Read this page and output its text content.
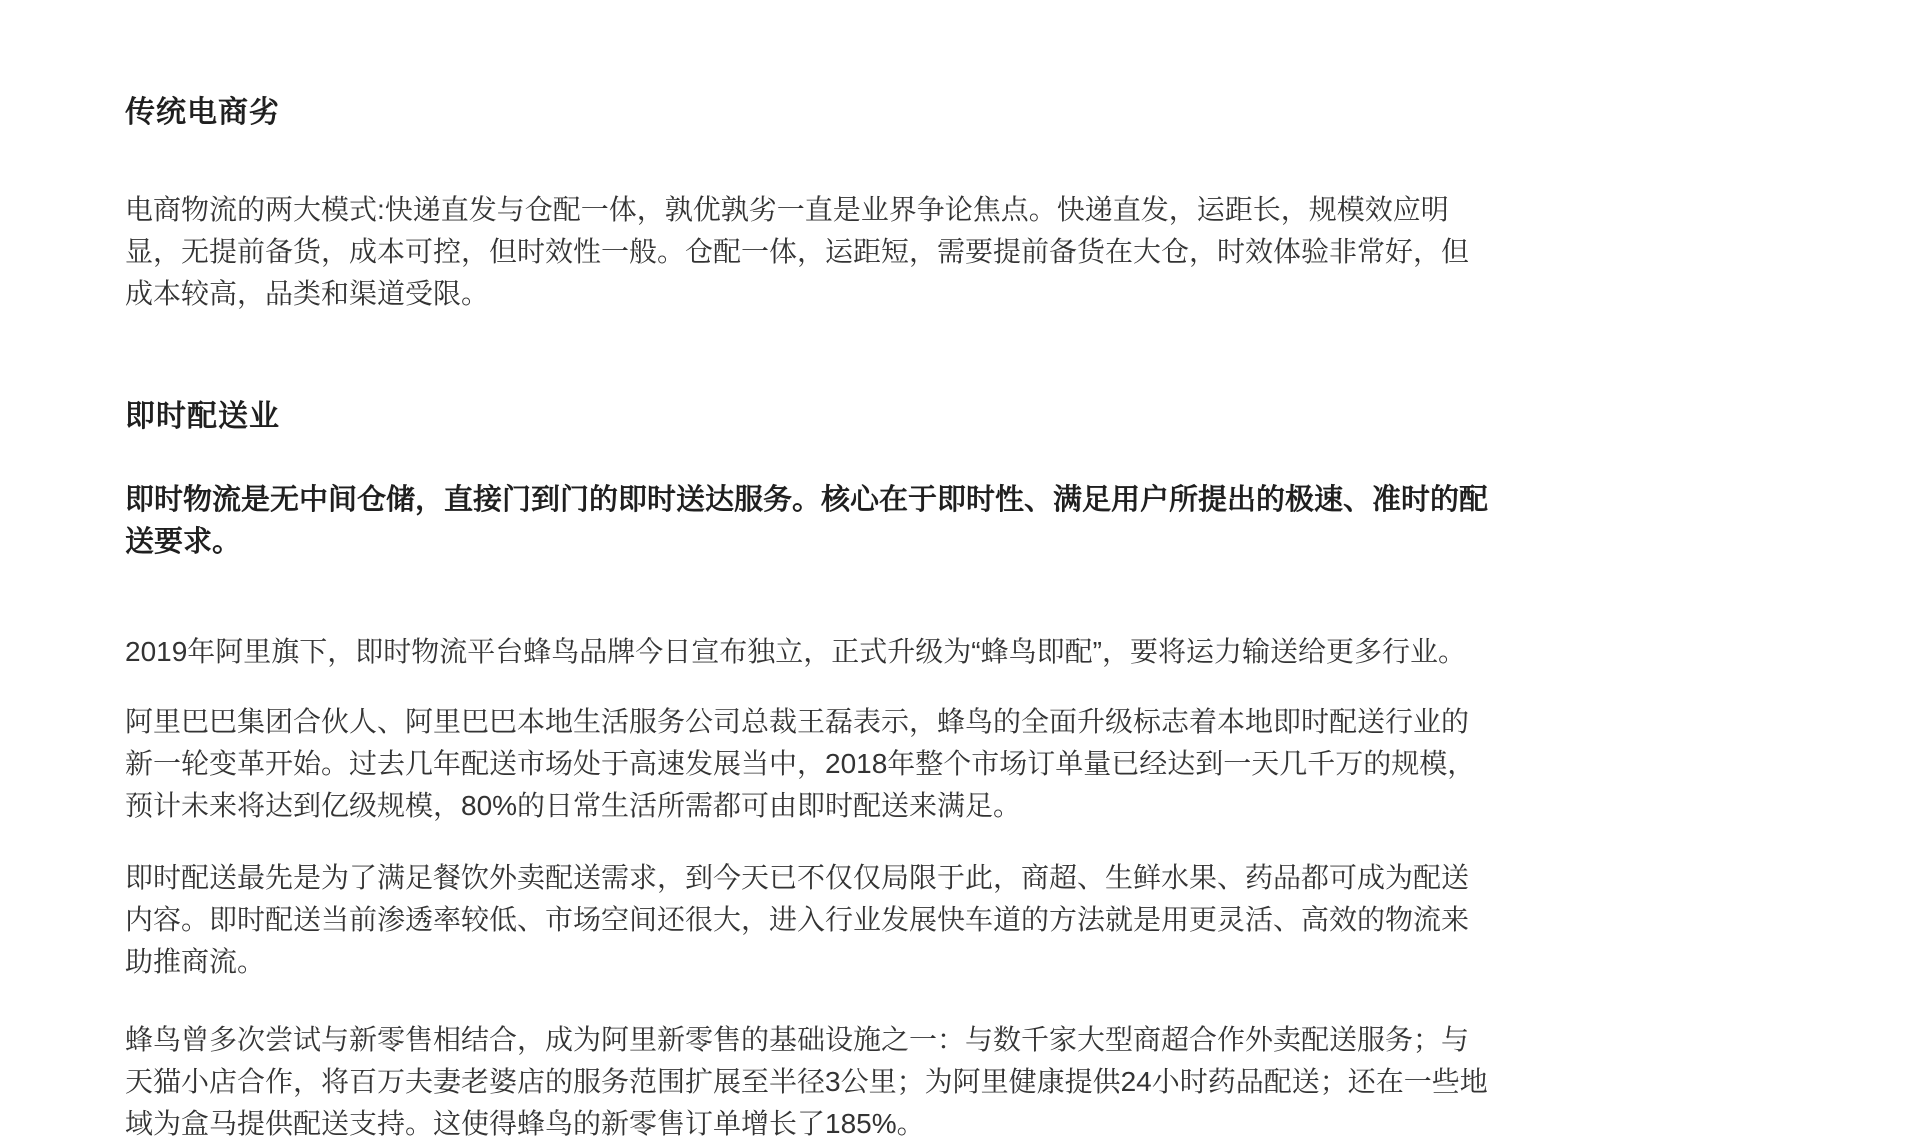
传统电商劣

电商物流的两大模式:快递直发与仓配一体，孰优孰劣一直是业界争论焦点。快递直发，运距长，规模效应明显，无提前备货，成本可控，但时效性一般。仓配一体，运距短，需要提前备货在大仓，时效体验非常好，但成本较高，品类和渠道受限。

即时配送业

即时物流是无中间仓储，直接门到门的即时送达服务。核心在于即时性、满足用户所提出的极速、准时的配送要求。

2019年阿里旗下，即时物流平台蜂鸟品牌今日宣布独立，正式升级为“蜂鸟即配”，要将运力输送给更多行业。

阿里巴巴集团合伙人、阿里巴巴本地生活服务公司总裁王磊表示，蜂鸟的全面升级标志着本地即时配送行业的新一轮变革开始。过去几年配送市场处于高速发展当中，2018年整个市场订单量已经达到一天几千万的规模，预计未来将达到亿级规模，80%的日常生活所需都可由即时配送来满足。

即时配送最先是为了满足餐饮外卖配送需求，到今天已不仅仅局限于此，商超、生鲜水果、药品都可成为配送内容。即时配送当前渗透率较低、市场空间还很大，进入行业发展快车道的方法就是用更灵活、高效的物流来助推商流。

蜂鸟曾多次尝试与新零售相结合，成为阿里新零售的基础设施之一：与数千家大型商超合作外卖配送服务；与天猫小店合作，将百万夫妻老婆店的服务范围扩展至半径3公里；为阿里健康提供24小时药品配送；还在一些地域为盒马提供配送支持。这使得蜂鸟的新零售订单增长了185%。
